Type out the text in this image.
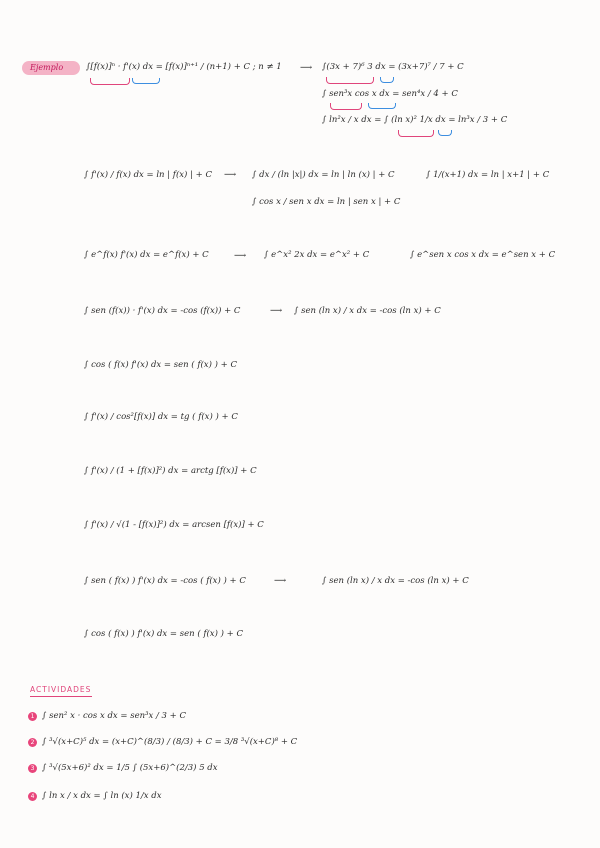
Ejemplo	∫[f(x)]ⁿ · f'(x) dx = [f(x)]ⁿ⁺¹ / (n+1) + C ; n ≠ 1 ⟶ ∫(3x + 7)⁶ 3 dx = (3x+7)⁷ / 7 + C
∫ sen³x cos x dx = sen⁴x / 4 + C
∫ ln²x / x dx = ∫ (ln x)² 1/x dx = ln³x / 3 + C
∫ f'(x) / f(x) dx = ln | f(x) | + C ⟶ ∫ dx / (ln |x|) dx = ln | ln (x) | + C	∫ 1/(x+1) dx = ln | x+1 | + C
∫ cos x / sen x dx = ln | sen x | + C
∫ e^f(x) f'(x) dx = e^f(x) + C	⟶ ∫ e^x² 2x dx = e^x² + C	∫ e^sen x cos x dx = e^sen x + C
∫ sen (f(x)) · f'(x) dx = -cos (f(x)) + C	⟶ ∫ sen (ln x) / x dx = -cos (ln x) + C
∫ cos ( f(x) f'(x) dx = sen ( f(x) ) + C
∫ f'(x) / cos²[f(x)] dx = tg ( f(x) ) + C
∫ f'(x) / (1 + [f(x)]²) dx = arctg [f(x)] + C
∫ f'(x) / √(1 - [f(x)]²) dx = arcsen [f(x)] + C
∫ sen ( f(x) ) f'(x) dx = -cos ( f(x) ) + C	⟶	∫ sen (ln x) / x dx = -cos (ln x) + C
∫ cos ( f(x) ) f'(x) dx = sen ( f(x) ) + C
ACTIVIDADES
1 ∫ sen² x · cos x dx = sen³x / 3 + C
2 ∫ ³√(x+C)⁵ dx = (x+C)^(8/3) / (8/3) + C = 3/8 ³√(x+C)⁸ + C
3 ∫ ³√(5x+6)² dx = 1/5 ∫ (5x+6)^(2/3) 5 dx
4 ∫ ln x / x dx = ∫ ln (x) 1/x dx
